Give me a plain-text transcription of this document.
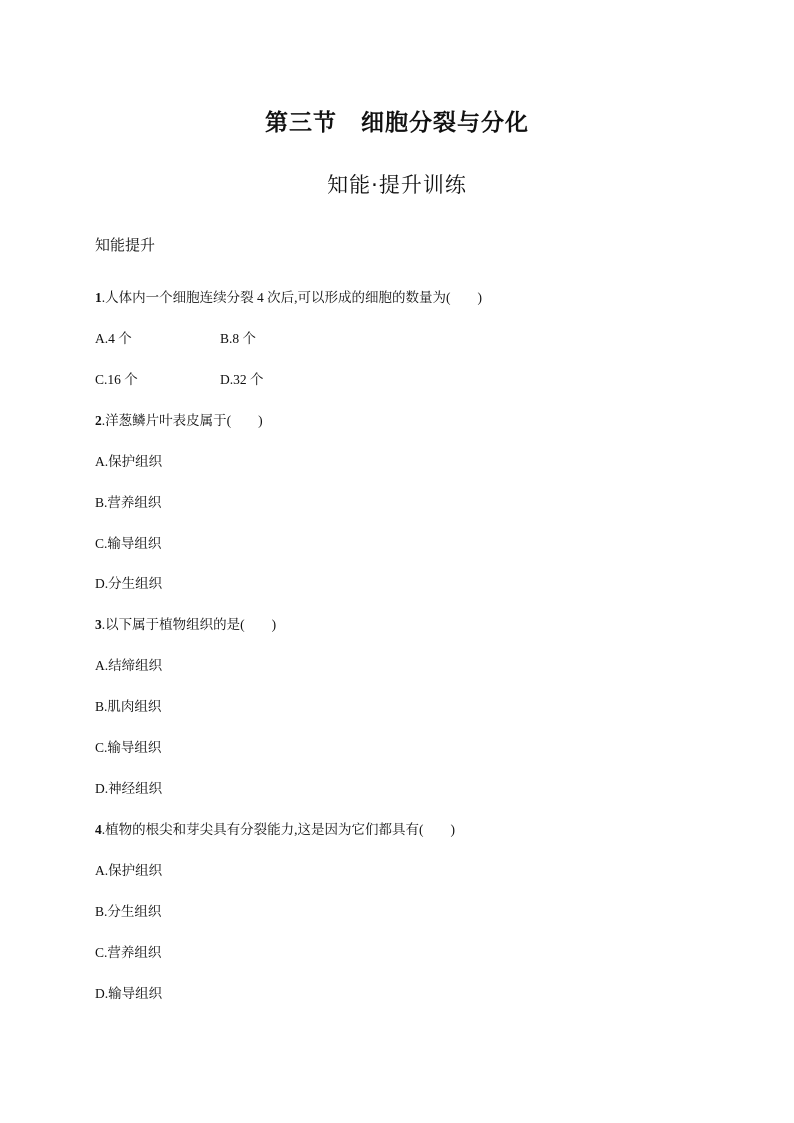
第三节　细胞分裂与分化
知能·提升训练
知能提升
1.人体内一个细胞连续分裂 4 次后,可以形成的细胞的数量为(　　)
A.4 个	B.8 个
C.16 个	D.32 个
2.洋葱鳞片叶表皮属于(　　)
A.保护组织
B.营养组织
C.输导组织
D.分生组织
3.以下属于植物组织的是(　　)
A.结缔组织
B.肌肉组织
C.输导组织
D.神经组织
4.植物的根尖和芽尖具有分裂能力,这是因为它们都具有(　　)
A.保护组织
B.分生组织
C.营养组织
D.输导组织
